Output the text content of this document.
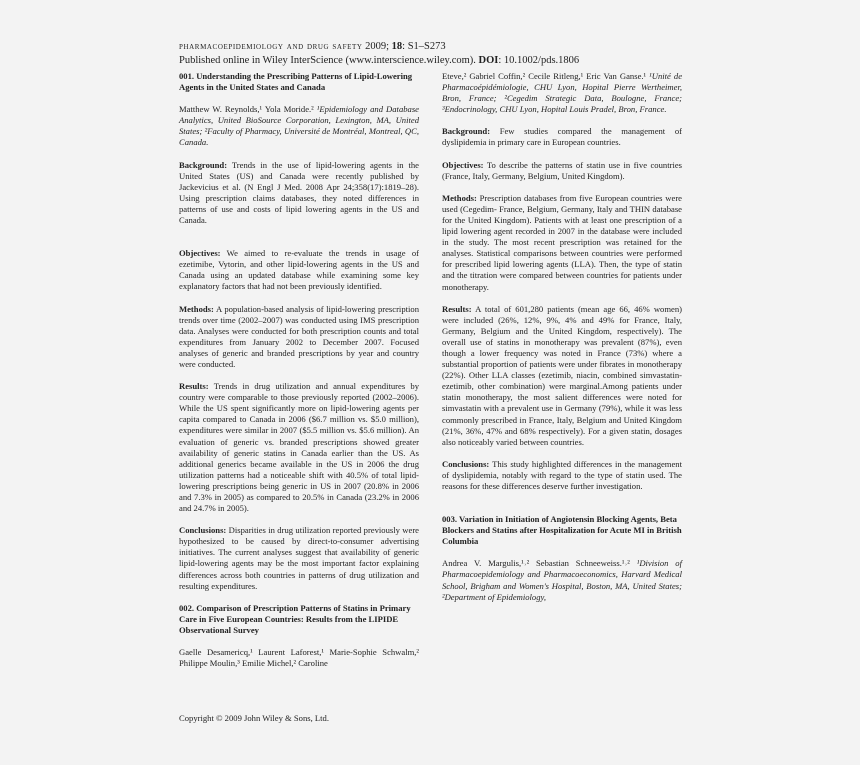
pharmacoepidemiology and drug safety 2009; 18: S1–S273
Published online in Wiley InterScience (www.interscience.wiley.com). DOI: 10.1002/pds.1806
001. Understanding the Prescribing Patterns of Lipid-Lowering Agents in the United States and Canada
Matthew W. Reynolds,¹ Yola Moride.² ¹Epidemiology and Database Analytics, United BioSource Corporation, Lexington, MA, United States; ²Faculty of Pharmacy, Université de Montréal, Montreal, QC, Canada.

Background: Trends in the use of lipid-lowering agents in the United States (US) and Canada were recently published by Jackevicius et al. (N Engl J Med. 2008 Apr 24;358(17):1819–28). Using prescription claims databases, they noted differences in patterns of use and costs of lipid lowering agents in the US and Canada.

Objectives: We aimed to re-evaluate the trends in usage of ezetimibe, Vytorin, and other lipid-lowering agents in the US and Canada using an updated database while examining some key explanatory factors that had not been previously identified.

Methods: A population-based analysis of lipid-lowering prescription trends over time (2002–2007) was conducted using IMS prescription data. Analyses were conducted for both prescription counts and total expenditures from January 2002 to December 2007. Focused analyses of generic and branded prescriptions by year and country were conducted.

Results: Trends in drug utilization and annual expenditures by country were comparable to those previously reported (2002–2006). While the US spent significantly more on lipid-lowering agents per capita compared to Canada in 2006 ($6.7 million vs. $5.0 million), expenditures were similar in 2007 ($5.5 million vs. $5.6 million). An evaluation of generic vs. branded prescriptions showed greater availability of generic statins in Canada earlier than the US. As additional generics became available in the US in 2006 the drug utilization patterns had a noticeable shift with 40.5% of total lipid-lowering prescriptions being generic in US in 2007 (20.8% in 2006 and 7.3% in 2005) as compared to 20.5% in Canada (23.2% in 2006 and 24.7% in 2005).

Conclusions: Disparities in drug utilization reported previously were hypothesized to be caused by direct-to-consumer advertising initiatives. The current analyses suggest that availability of generic lipid-lowering agents may be the most important factor explaining differences across both countries in patterns of drug utilization and resulting expenditures.

002. Comparison of Prescription Patterns of Statins in Primary Care in Five European Countries: Results from the LIPIDE Observational Survey
Gaelle Desamericq,¹ Laurent Laforest,¹ Marie-Sophie Schwalm,² Philippe Moulin,³ Emilie Michel,² Caroline
Eteve,² Gabriel Coffin,² Cecile Ritleng,¹ Eric Van Ganse.¹ ¹Unité de Pharmacoépidémiologie, CHU Lyon, Hopital Pierre Wertheimer, Bron, France; ²Cegedim Strategic Data, Boulogne, France; ³Endocrinology, CHU Lyon, Hopital Louis Pradel, Bron, France.

Background: Few studies compared the management of dyslipidemia in primary care in European countries.

Objectives: To describe the patterns of statin use in five countries (France, Italy, Germany, Belgium, United Kingdom).

Methods: Prescription databases from five European countries were used (Cegedim- France, Belgium, Germany, Italy and THIN database for the United Kingdom). Patients with at least one prescription of a lipid lowering agent recorded in 2007 in the database were included in the study. The most recent prescription was retained for the analyses. Statistical comparisons between countries were performed for prescribed lipid lowering agents (LLA). Then, the type of statin and the titration were compared between countries for patients under monotherapy.

Results: A total of 601,280 patients (mean age 66, 46% women) were included (26%, 12%, 9%, 4% and 49% for France, Italy, Germany, Belgium and the United Kingdom, respectively). The overall use of statins in monotherapy was prevalent (87%), even though a lower frequency was noted in France (73%) where a substantial proportion of patients were under fibrates in monotherapy (22%). Other LLA classes (ezetimib, niacin, combined simvastatin-ezetimib, other combination) were marginal.Among patients under statin monotherapy, the most salient differences were noted for simvastatin with a prevalent use in Germany (79%), while it was less commonly prescribed in France, Italy, Belgium and United Kingdom (21%, 36%, 47% and 68% respectively). For a given statin, dosages also noticeably varied between countries.

Conclusions: This study highlighted differences in the management of dyslipidemia, notably with regard to the type of statin used. The reasons for these differences deserve further investigation.

003. Variation in Initiation of Angiotensin Blocking Agents, Beta Blockers and Statins after Hospitalization for Acute MI in British Columbia
Andrea V. Margulis,¹˒² Sebastian Schneeweiss.¹˒² ¹Division of Pharmacoepidemiology and Pharmacoeconomics, Harvard Medical School, Brigham and Women's Hospital, Boston, MA, United States; ²Department of Epidemiology,
Copyright © 2009 John Wiley & Sons, Ltd.
